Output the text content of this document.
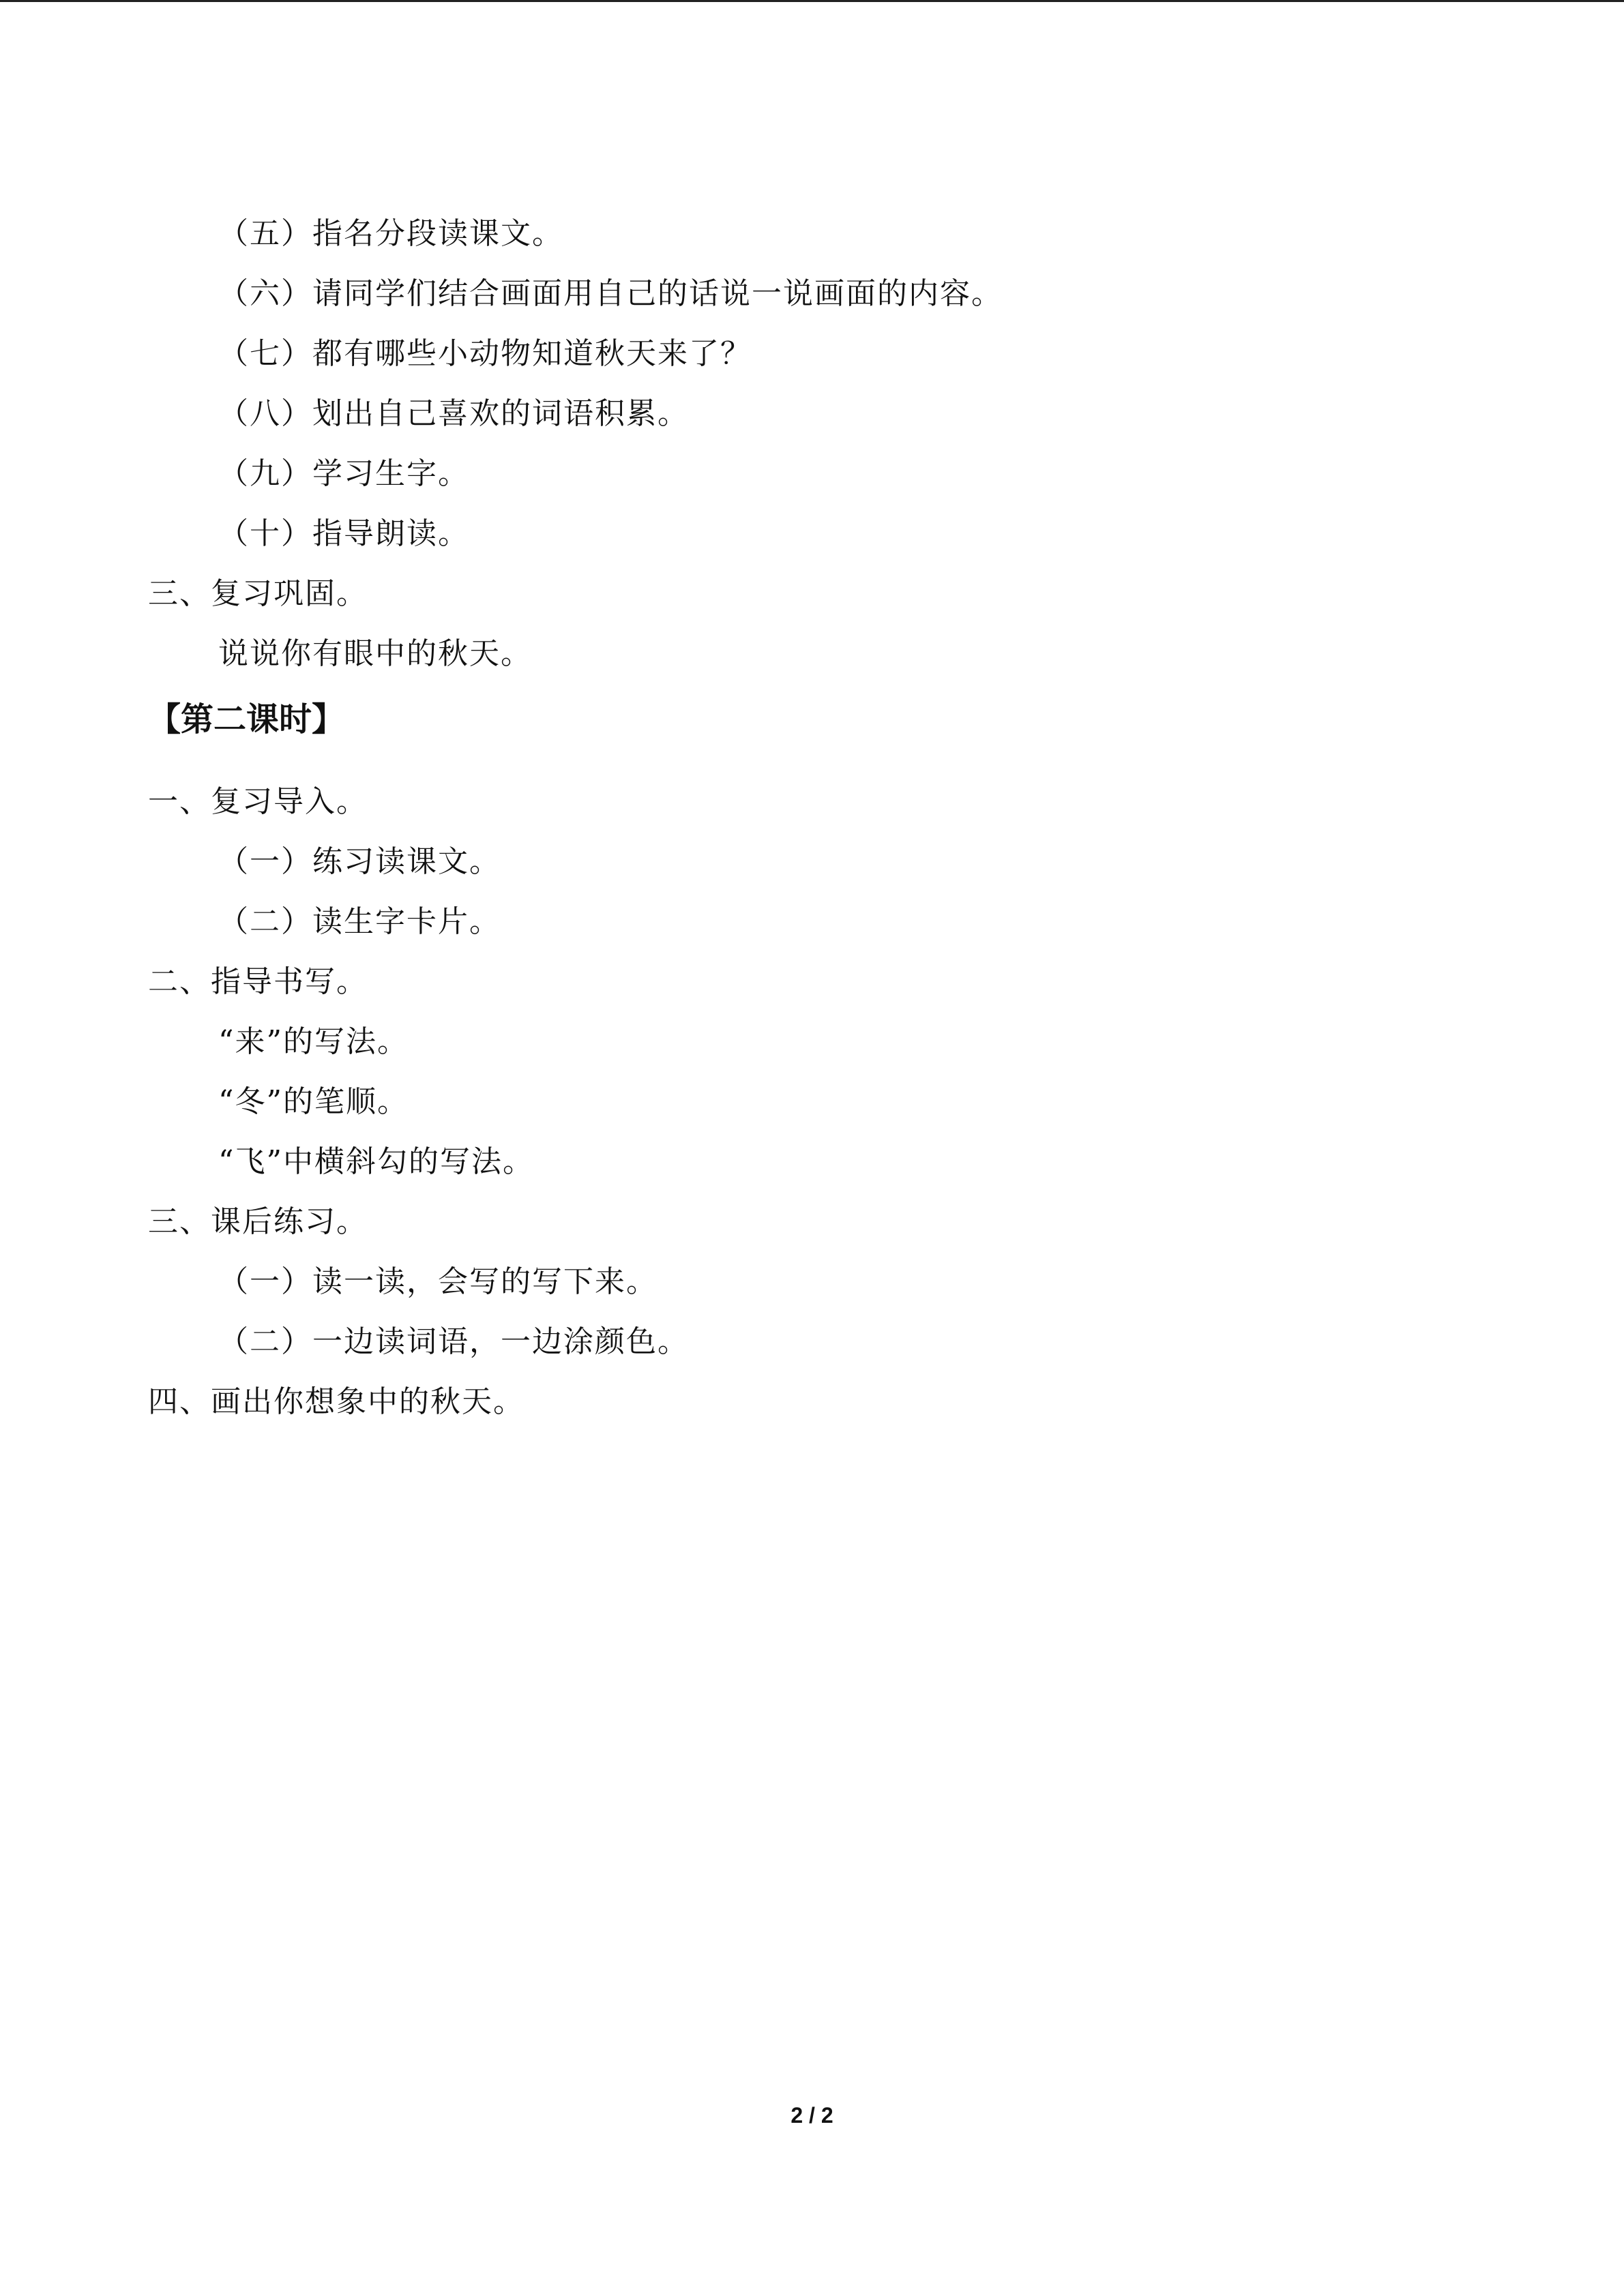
（五）指名分段读课文。
（六）请同学们结合画面用自己的话说一说画面的内容。
（七）都有哪些小动物知道秋天来了？
（八）划出自己喜欢的词语积累。
（九）学习生字。
（十）指导朗读。
三、复习巩固。
说说你有眼中的秋天。
【第二课时】
一、复习导入。
（一）练习读课文。
（二）读生字卡片。
二、指导书写。
“来”的写法。
“冬”的笔顺。
“飞”中横斜勾的写法。
三、课后练习。
（一）读一读，会写的写下来。
（二）一边读词语，一边涂颜色。
四、画出你想象中的秋天。
2 / 2
